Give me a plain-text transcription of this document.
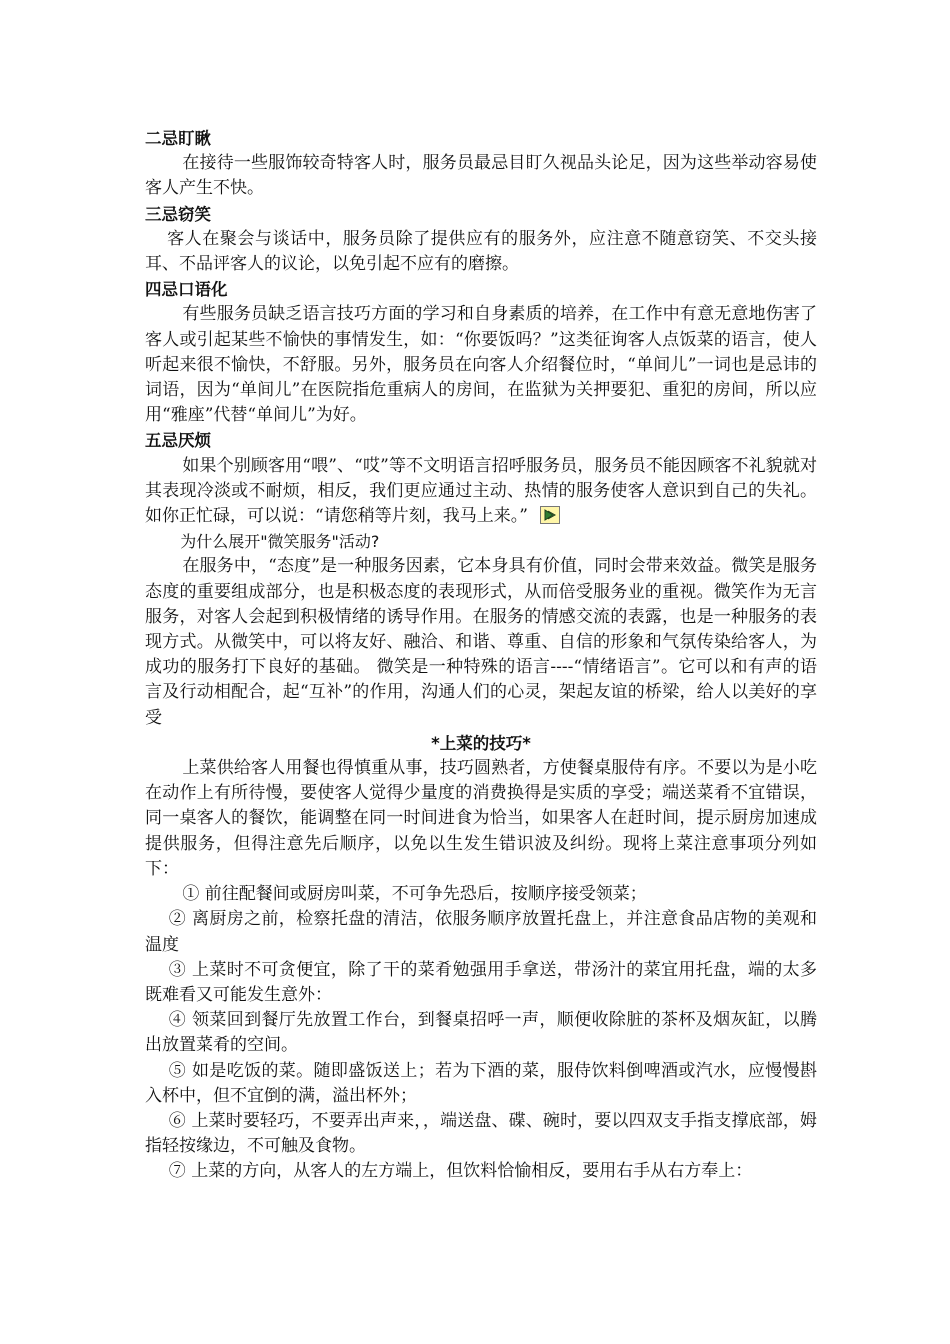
二忌盯瞅

在接待一些服饰较奇特客人时，服务员最忌目盯久视品头论足，因为这些举动容易使客人产生不快。

三忌窃笑

客人在聚会与谈话中，服务员除了提供应有的服务外，应注意不随意窃笑、不交头接耳、不品评客人的议论，以免引起不应有的磨擦。

四忌口语化

有些服务员缺乏语言技巧方面的学习和自身素质的培养，在工作中有意无意地伤害了客人或引起某些不愉快的事情发生，如：“你要饭吗？”这类征询客人点饭菜的语言，使人听起来很不愉快，不舒服。另外，服务员在向客人介绍餐位时，“单间儿”一词也是忌讳的词语，因为“单间儿”在医院指危重病人的房间，在监狱为关押要犯、重犯的房间，所以应用“雅座”代替“单间儿”为好。

五忌厌烦

如果个别顾客用“喂”、“哎”等不文明语言招呼服务员，服务员不能因顾客不礼貌就对其表现冷淡或不耐烦，相反，我们更应通过主动、热情的服务使客人意识到自己的失礼。如你正忙碌，可以说：“请您稍等片刻，我马上来。”

为什么展开"微笑服务"活动?

在服务中，“态度”是一种服务因素，它本身具有价值，同时会带来效益。微笑是服务态度的重要组成部分，也是积极态度的表现形式，从而倍受服务业的重视。微笑作为无言服务，对客人会起到积极情绪的诱导作用。在服务的情感交流的表露，也是一种服务的表现方式。从微笑中，可以将友好、融洽、和谐、尊重、自信的形象和气氛传染给客人，为成功的服务打下良好的基础。 微笑是一种特殊的语言----“情绪语言”。它可以和有声的语言及行动相配合，起“互补”的作用，沟通人们的心灵，架起友谊的桥梁，给人以美好的享受

*上菜的技巧*

上菜供给客人用餐也得慎重从事，技巧圆熟者，方使餐桌服侍有序。不要以为是小吃在动作上有所待慢，要使客人觉得少量度的消费换得是实质的享受；端送菜肴不宜错误，同一桌客人的餐饮，能调整在同一时间进食为恰当，如果客人在赶时间，提示厨房加速成提供服务，但得注意先后顺序，以免以生发生错识波及纠纷。现将上菜注意事项分列如下：

① 前往配餐间或厨房叫菜，不可争先恐后，按顺序接受领菜；

② 离厨房之前，检察托盘的清洁，依服务顺序放置托盘上，并注意食品店物的美观和温度

③ 上菜时不可贪便宜，除了干的菜肴勉强用手拿送，带汤汁的菜宜用托盘，端的太多既难看又可能发生意外：

④ 领菜回到餐厅先放置工作台，到餐桌招呼一声，顺便收除脏的茶杯及烟灰缸，以腾出放置菜肴的空间。

⑤ 如是吃饭的菜。随即盛饭送上；若为下酒的菜，服侍饮料倒啤酒或汽水，应慢慢斟入杯中，但不宜倒的满，溢出杯外；

⑥ 上菜时要轻巧，不要弄出声来，，端送盘、碟、碗时，要以四双支手指支撑底部，姆指轻按缘边，不可触及食物。

⑦ 上菜的方向，从客人的左方端上，但饮料恰愉相反，要用右手从右方奉上：
